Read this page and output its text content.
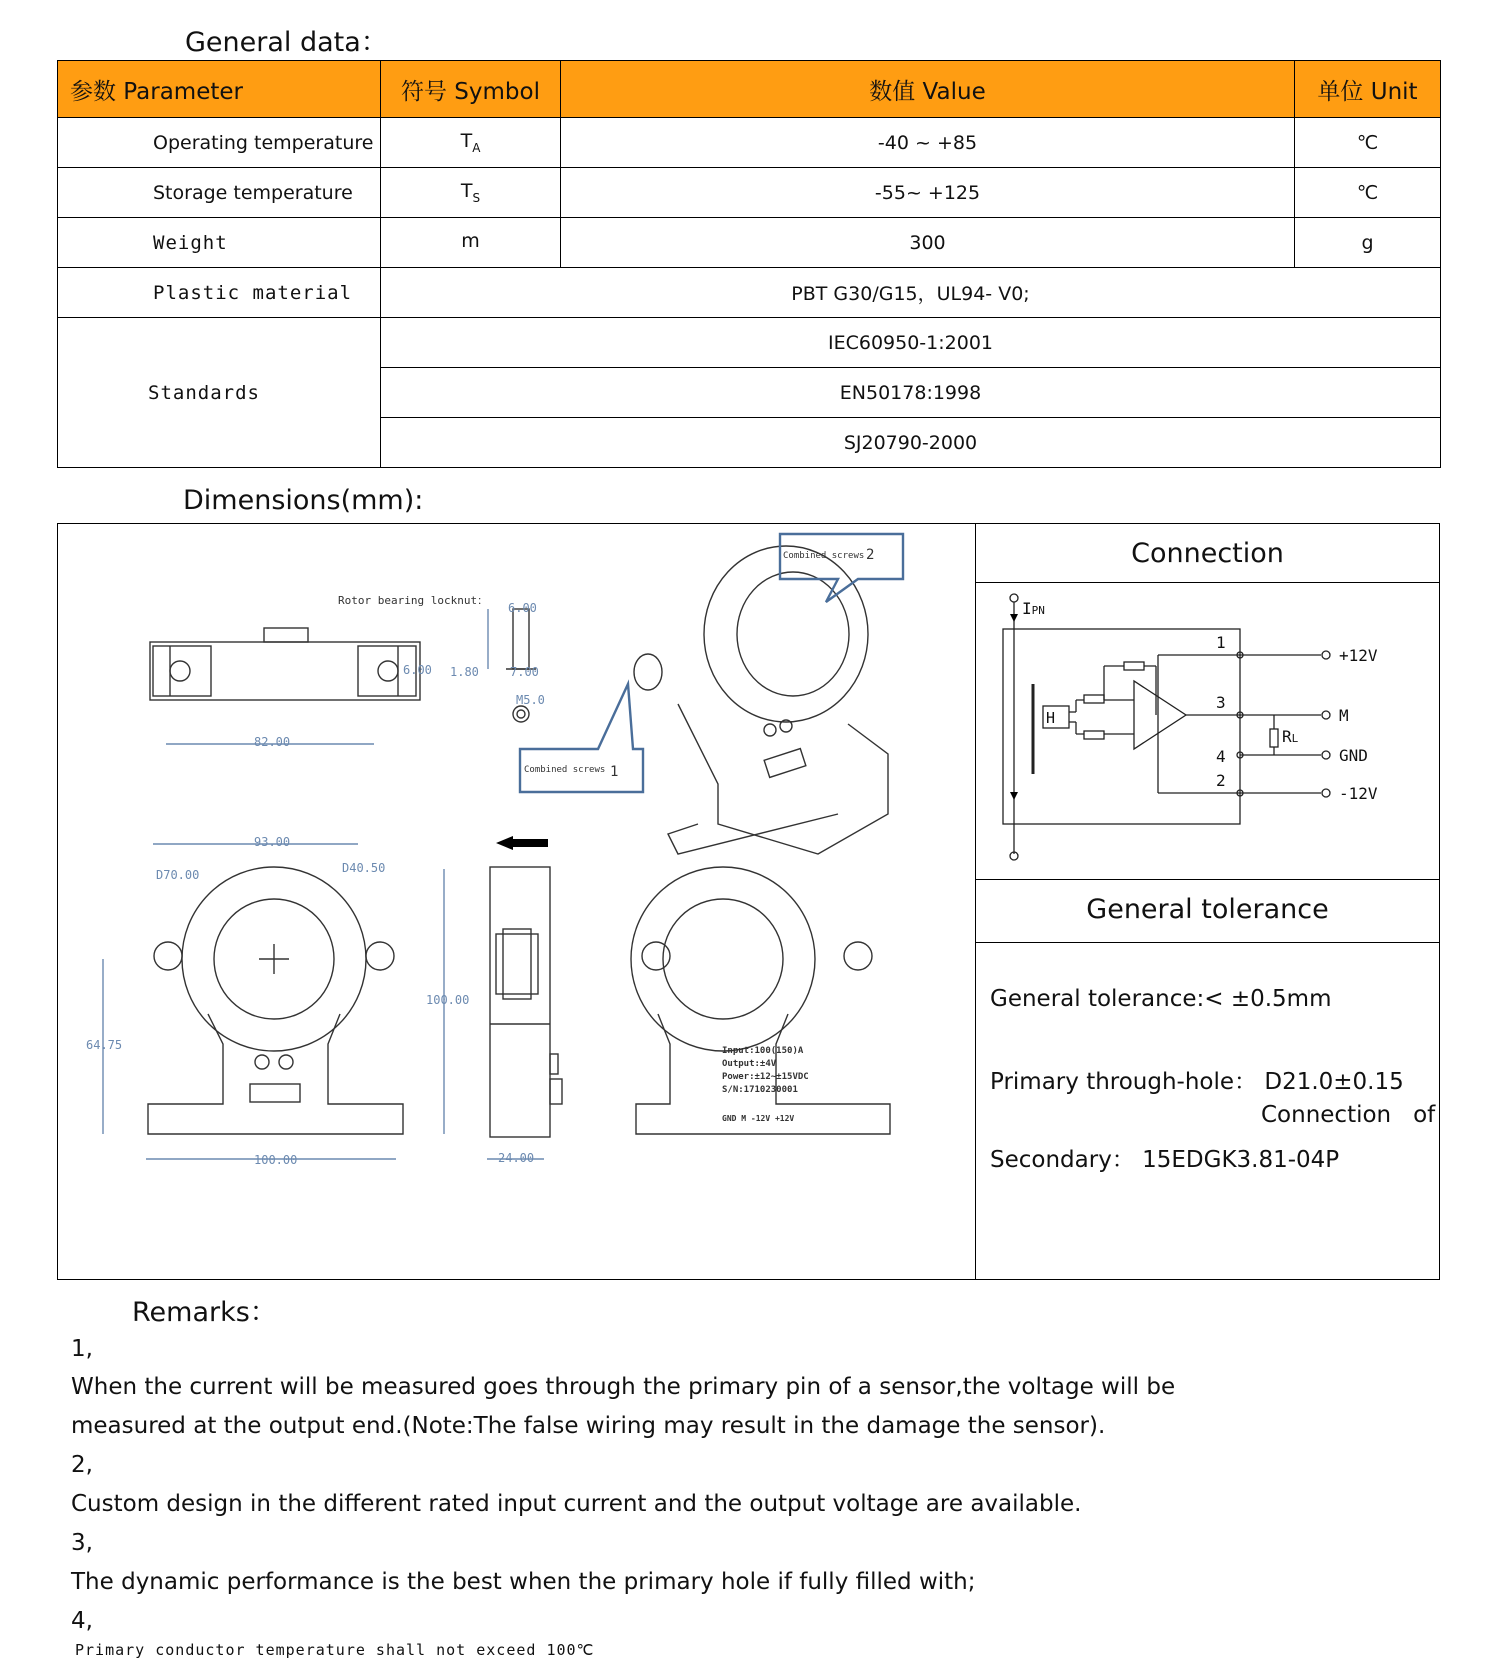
General data：
参数 Parameter	符号 Symbol	数值 Value	单位 Unit
Operating temperature	$T_A$	-40 ~ +85	℃
Storage temperature	$T_S$	-55~ +125	℃
Weight	m	300	g
Plastic material	PBT G30/G15，UL94- V0;		
Standards	IEC60950-1:2001		
	EN50178:1998		
	SJ20790-2000		
Dimensions(mm):
Rotor bearing locknut：
6.00
6.00 1.80	7.00
M5.0
82.00
93.00
D70.00	D40.50
64.75
100.00
100.00
24.00
Combined screws 2
Combined screws 1
Input:100(150)A
Output:±4V
Power:±12~±15VDC
S/N:1710230001
GND M -12V +12V
Connection
IPN
H
RL
1
3
4
2
+12V
M
GND
-12V
General tolerance
General tolerance:< ±0.5mm
Primary through-hole： D21.0±0.15
Connection   of
Secondary： 15EDGK3.81-04P
Remarks：
1,
When the current will be measured goes through the primary pin of a sensor,the voltage will be
measured at the output end.(Note:The false wiring may result in the damage the sensor).
2,
Custom design in the different rated input current and the output voltage are available.
3,
The dynamic performance is the best when the primary hole if fully filled with;
4,
Primary conductor temperature shall not exceed 100℃
